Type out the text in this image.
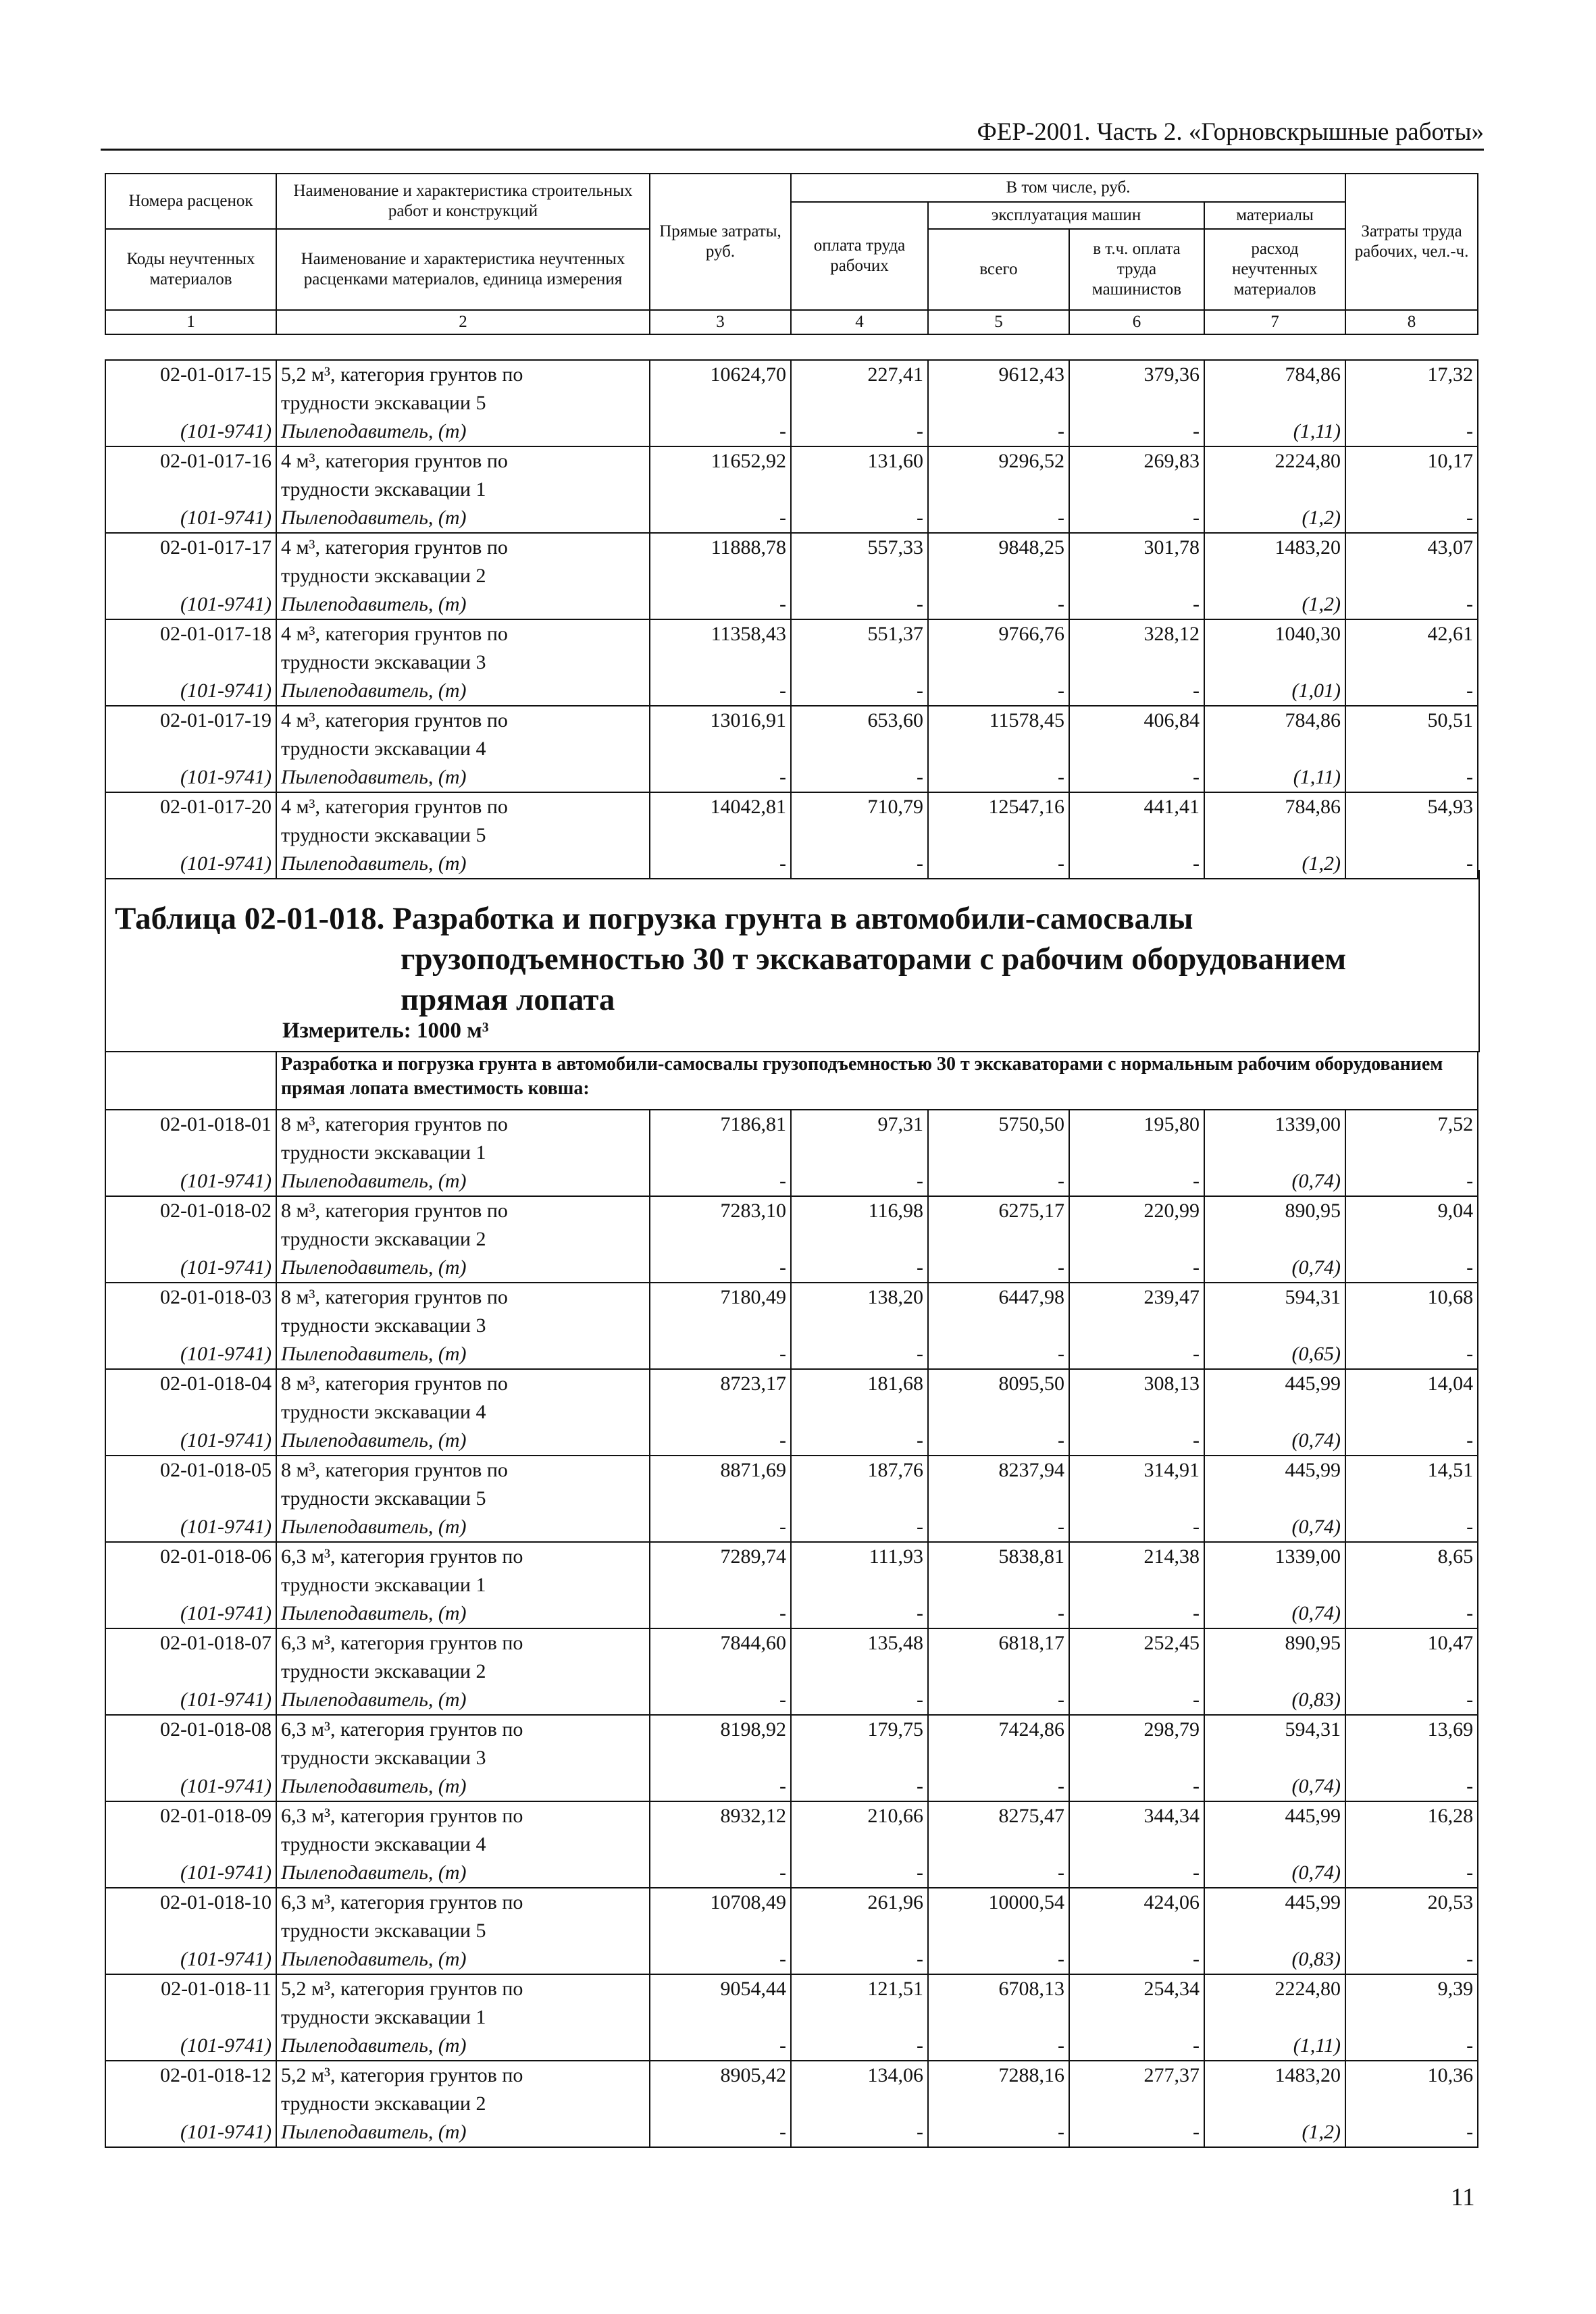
ФЕР-2001. Часть 2. «Горновскрышные работы»
Номера расценок	Наименование и характеристика строительных работ и конструкций	Прямые затраты, руб.	В том числе, руб.				Затраты труда рабочих, чел.-ч.
			оплата труда рабочих	эксплуатация машин		материалы	
Коды неучтенных материалов	Наименование и характеристика неучтенных расценками материалов, единица измерения			всего	в т.ч. оплата труда машинистов	расход неучтенных материалов	

1	2	3	4	5	6	7	8
02-01-017-15	5,2 м³, категория грунтов по
трудности экскавации 5	10624,70	227,41	9612,43	379,36	784,86	17,32
(101-9741)	Пылеподавитель, (т)	-	-	-	-	(1,11)	-
02-01-017-16	4 м³, категория грунтов по
трудности экскавации 1	11652,92	131,60	9296,52	269,83	2224,80	10,17
(101-9741)	Пылеподавитель, (т)	-	-	-	-	(1,2)	-
02-01-017-17	4 м³, категория грунтов по
трудности экскавации 2	11888,78	557,33	9848,25	301,78	1483,20	43,07
(101-9741)	Пылеподавитель, (т)	-	-	-	-	(1,2)	-
02-01-017-18	4 м³, категория грунтов по
трудности экскавации 3	11358,43	551,37	9766,76	328,12	1040,30	42,61
(101-9741)	Пылеподавитель, (т)	-	-	-	-	(1,01)	-
02-01-017-19	4 м³, категория грунтов по
трудности экскавации 4	13016,91	653,60	11578,45	406,84	784,86	50,51
(101-9741)	Пылеподавитель, (т)	-	-	-	-	(1,11)	-
02-01-017-20	4 м³, категория грунтов по
трудности экскавации 5	14042,81	710,79	12547,16	441,41	784,86	54,93
(101-9741)	Пылеподавитель, (т)	-	-	-	-	(1,2)	-
Таблица 02-01-018. Разработка и погрузка грунта в автомобили-самосвалы
грузоподъемностью 30 т экскаваторами с рабочим оборудованием
прямая лопата
Измеритель: 1000 м³
	Разработка и погрузка грунта в автомобили-самосвалы грузоподъемностью 30 т экскаваторами с нормальным рабочим оборудованием прямая лопата вместимость ковша:						
02-01-018-01	8 м³, категория грунтов по
трудности экскавации 1	7186,81	97,31	5750,50	195,80	1339,00	7,52
(101-9741)	Пылеподавитель, (т)	-	-	-	-	(0,74)	-
02-01-018-02	8 м³, категория грунтов по
трудности экскавации 2	7283,10	116,98	6275,17	220,99	890,95	9,04
(101-9741)	Пылеподавитель, (т)	-	-	-	-	(0,74)	-
02-01-018-03	8 м³, категория грунтов по
трудности экскавации 3	7180,49	138,20	6447,98	239,47	594,31	10,68
(101-9741)	Пылеподавитель, (т)	-	-	-	-	(0,65)	-
02-01-018-04	8 м³, категория грунтов по
трудности экскавации 4	8723,17	181,68	8095,50	308,13	445,99	14,04
(101-9741)	Пылеподавитель, (т)	-	-	-	-	(0,74)	-
02-01-018-05	8 м³, категория грунтов по
трудности экскавации 5	8871,69	187,76	8237,94	314,91	445,99	14,51
(101-9741)	Пылеподавитель, (т)	-	-	-	-	(0,74)	-
02-01-018-06	6,3 м³, категория грунтов по
трудности экскавации 1	7289,74	111,93	5838,81	214,38	1339,00	8,65
(101-9741)	Пылеподавитель, (т)	-	-	-	-	(0,74)	-
02-01-018-07	6,3 м³, категория грунтов по
трудности экскавации 2	7844,60	135,48	6818,17	252,45	890,95	10,47
(101-9741)	Пылеподавитель, (т)	-	-	-	-	(0,83)	-
02-01-018-08	6,3 м³, категория грунтов по
трудности экскавации 3	8198,92	179,75	7424,86	298,79	594,31	13,69
(101-9741)	Пылеподавитель, (т)	-	-	-	-	(0,74)	-
02-01-018-09	6,3 м³, категория грунтов по
трудности экскавации 4	8932,12	210,66	8275,47	344,34	445,99	16,28
(101-9741)	Пылеподавитель, (т)	-	-	-	-	(0,74)	-
02-01-018-10	6,3 м³, категория грунтов по
трудности экскавации 5	10708,49	261,96	10000,54	424,06	445,99	20,53
(101-9741)	Пылеподавитель, (т)	-	-	-	-	(0,83)	-
02-01-018-11	5,2 м³, категория грунтов по
трудности экскавации 1	9054,44	121,51	6708,13	254,34	2224,80	9,39
(101-9741)	Пылеподавитель, (т)	-	-	-	-	(1,11)	-
02-01-018-12	5,2 м³, категория грунтов по
трудности экскавации 2	8905,42	134,06	7288,16	277,37	1483,20	10,36
(101-9741)	Пылеподавитель, (т)	-	-	-	-	(1,2)	-
11
